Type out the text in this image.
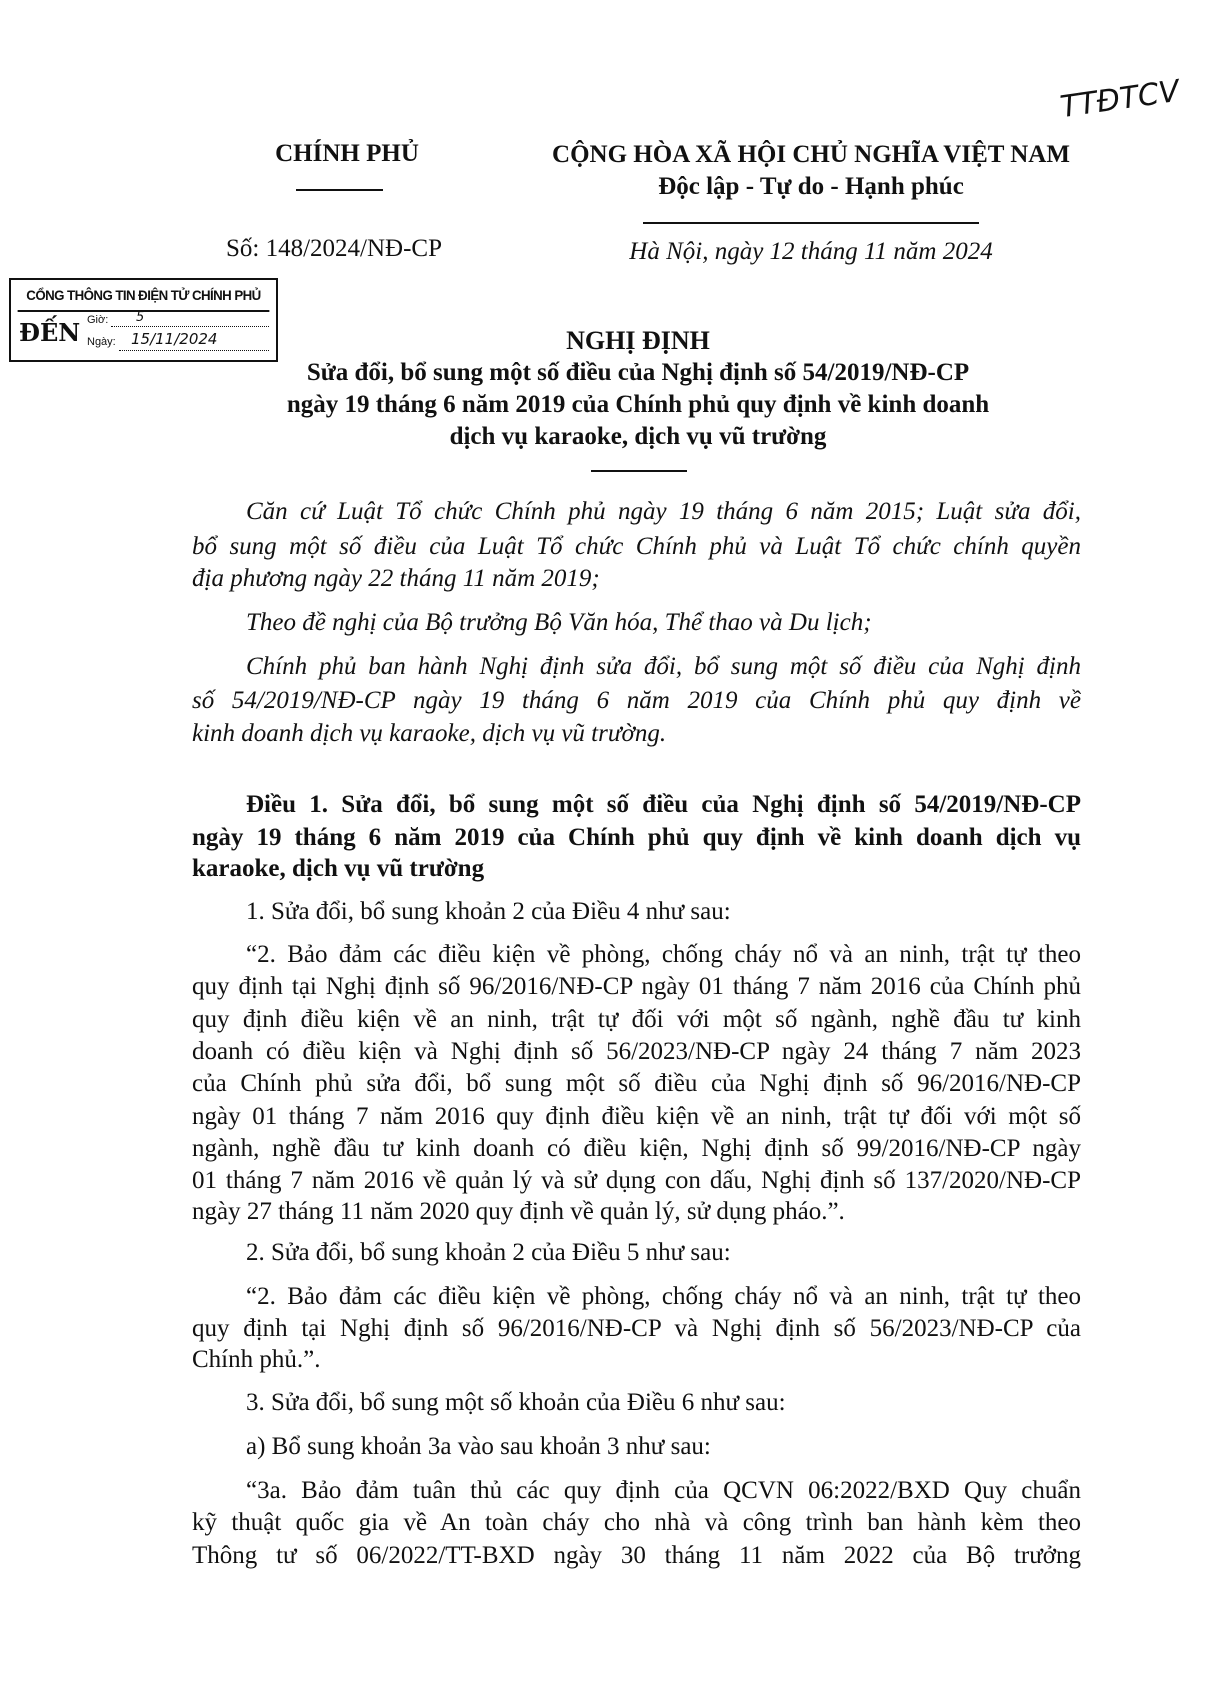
TTĐTCV
CHÍNH PHỦ	CỘNG HÒA XÃ HỘI CHỦ NGHĨA VIỆT NAM
Độc lập - Tự do - Hạnh phúc
Số: 148/2024/NĐ-CP	Hà Nội, ngày 12 tháng 11 năm 2024
CỔNG THÔNG TIN ĐIỆN TỬ CHÍNH PHỦ
ĐẾN Giờ: 5
Ngày: 15/11/2024	NGHỊ ĐỊNH
Sửa đổi, bổ sung một số điều của Nghị định số 54/2019/NĐ-CP
ngày 19 tháng 6 năm 2019 của Chính phủ quy định về kinh doanh
dịch vụ karaoke, dịch vụ vũ trường
Căn cứ Luật Tổ chức Chính phủ ngày 19 tháng 6 năm 2015; Luật sửa đổi,
bổ sung một số điều của Luật Tổ chức Chính phủ và Luật Tổ chức chính quyền
địa phương ngày 22 tháng 11 năm 2019;
Theo đề nghị của Bộ trưởng Bộ Văn hóa, Thể thao và Du lịch;
Chính phủ ban hành Nghị định sửa đổi, bổ sung một số điều của Nghị định
số 54/2019/NĐ-CP ngày 19 tháng 6 năm 2019 của Chính phủ quy định về
kinh doanh dịch vụ karaoke, dịch vụ vũ trường.
Điều 1. Sửa đổi, bổ sung một số điều của Nghị định số 54/2019/NĐ-CP
ngày 19 tháng 6 năm 2019 của Chính phủ quy định về kinh doanh dịch vụ
karaoke, dịch vụ vũ trường
1. Sửa đổi, bổ sung khoản 2 của Điều 4 như sau:
“2. Bảo đảm các điều kiện về phòng, chống cháy nổ và an ninh, trật tự theo
quy định tại Nghị định số 96/2016/NĐ-CP ngày 01 tháng 7 năm 2016 của Chính phủ
quy định điều kiện về an ninh, trật tự đối với một số ngành, nghề đầu tư kinh
doanh có điều kiện và Nghị định số 56/2023/NĐ-CP ngày 24 tháng 7 năm 2023
của Chính phủ sửa đổi, bổ sung một số điều của Nghị định số 96/2016/NĐ-CP
ngày 01 tháng 7 năm 2016 quy định điều kiện về an ninh, trật tự đối với một số
ngành, nghề đầu tư kinh doanh có điều kiện, Nghị định số 99/2016/NĐ-CP ngày
01 tháng 7 năm 2016 về quản lý và sử dụng con dấu, Nghị định số 137/2020/NĐ-CP
ngày 27 tháng 11 năm 2020 quy định về quản lý, sử dụng pháo.”.
2. Sửa đổi, bổ sung khoản 2 của Điều 5 như sau:
“2. Bảo đảm các điều kiện về phòng, chống cháy nổ và an ninh, trật tự theo
quy định tại Nghị định số 96/2016/NĐ-CP và Nghị định số 56/2023/NĐ-CP của
Chính phủ.”.
3. Sửa đổi, bổ sung một số khoản của Điều 6 như sau:
a) Bổ sung khoản 3a vào sau khoản 3 như sau:
“3a. Bảo đảm tuân thủ các quy định của QCVN 06:2022/BXD Quy chuẩn
kỹ thuật quốc gia về An toàn cháy cho nhà và công trình ban hành kèm theo
Thông tư số 06/2022/TT-BXD ngày 30 tháng 11 năm 2022 của Bộ trưởng
